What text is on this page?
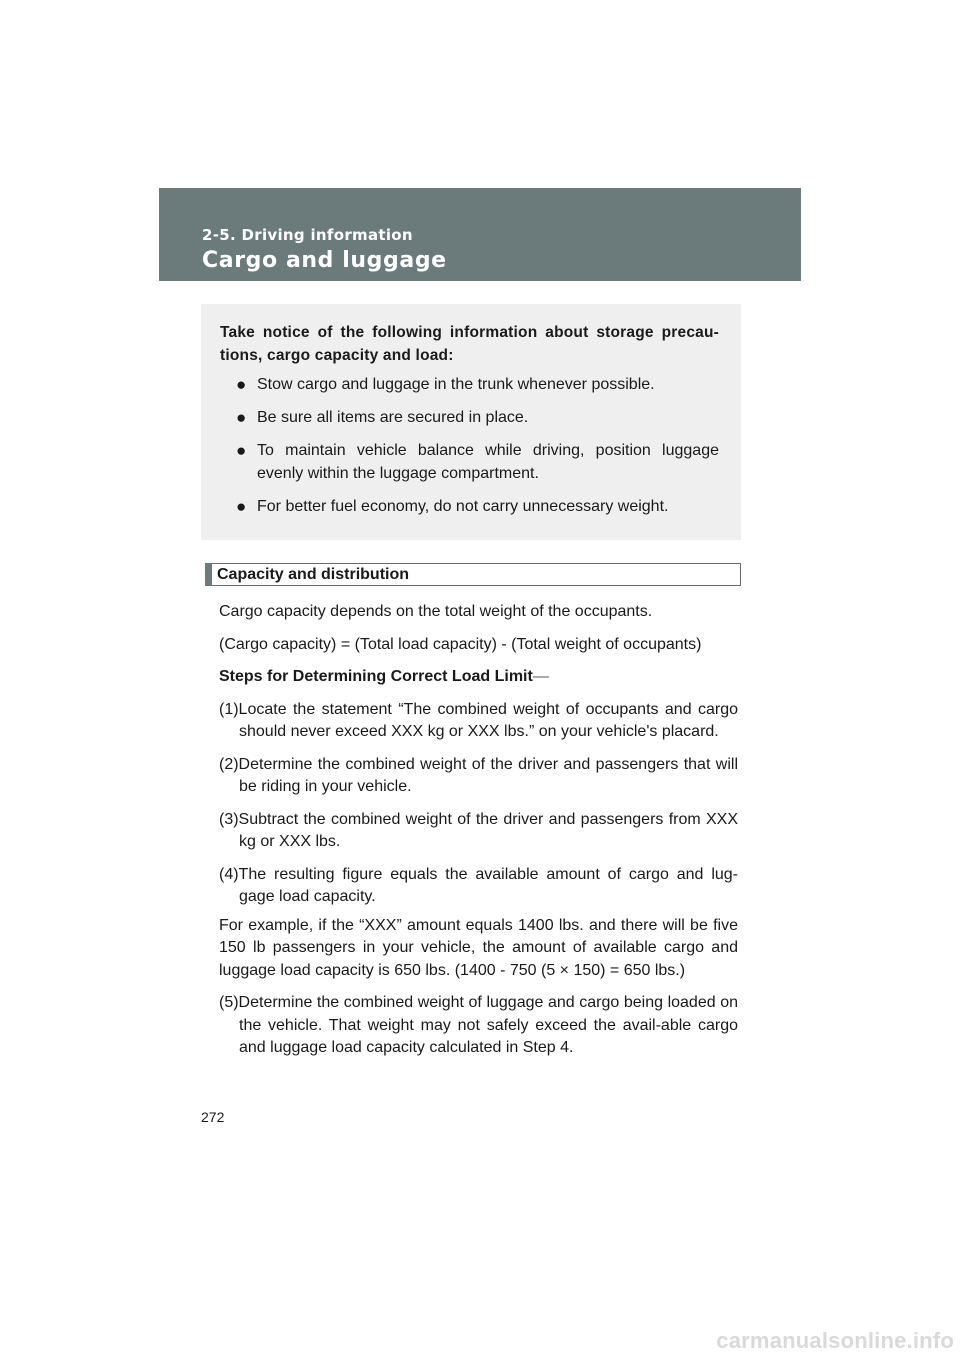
2-5. Driving information
Cargo and luggage

Take notice of the following information about storage precau-tions, cargo capacity and load:

● Stow cargo and luggage in the trunk whenever possible.
● Be sure all items are secured in place.
● To maintain vehicle balance while driving, position luggage evenly within the luggage compartment.
● For better fuel economy, do not carry unnecessary weight.
Capacity and distribution

Cargo capacity depends on the total weight of the occupants.

(Cargo capacity) = (Total load capacity) - (Total weight of occupants)

Steps for Determining Correct Load Limit—

(1)Locate the statement “The combined weight of occupants and cargo should never exceed XXX kg or XXX lbs.” on your vehicle's placard.

(2)Determine the combined weight of the driver and passengers that will be riding in your vehicle.

(3)Subtract the combined weight of the driver and passengers from XXX kg or XXX lbs.

(4)The resulting figure equals the available amount of cargo and lug-gage load capacity.

For example, if the “XXX” amount equals 1400 lbs. and there will be five 150 lb passengers in your vehicle, the amount of available cargo and luggage load capacity is 650 lbs. (1400 - 750 (5 × 150) = 650 lbs.)

(5)Determine the combined weight of luggage and cargo being loaded on the vehicle. That weight may not safely exceed the avail-able cargo and luggage load capacity calculated in Step 4.

272
carmanualsonline.info
